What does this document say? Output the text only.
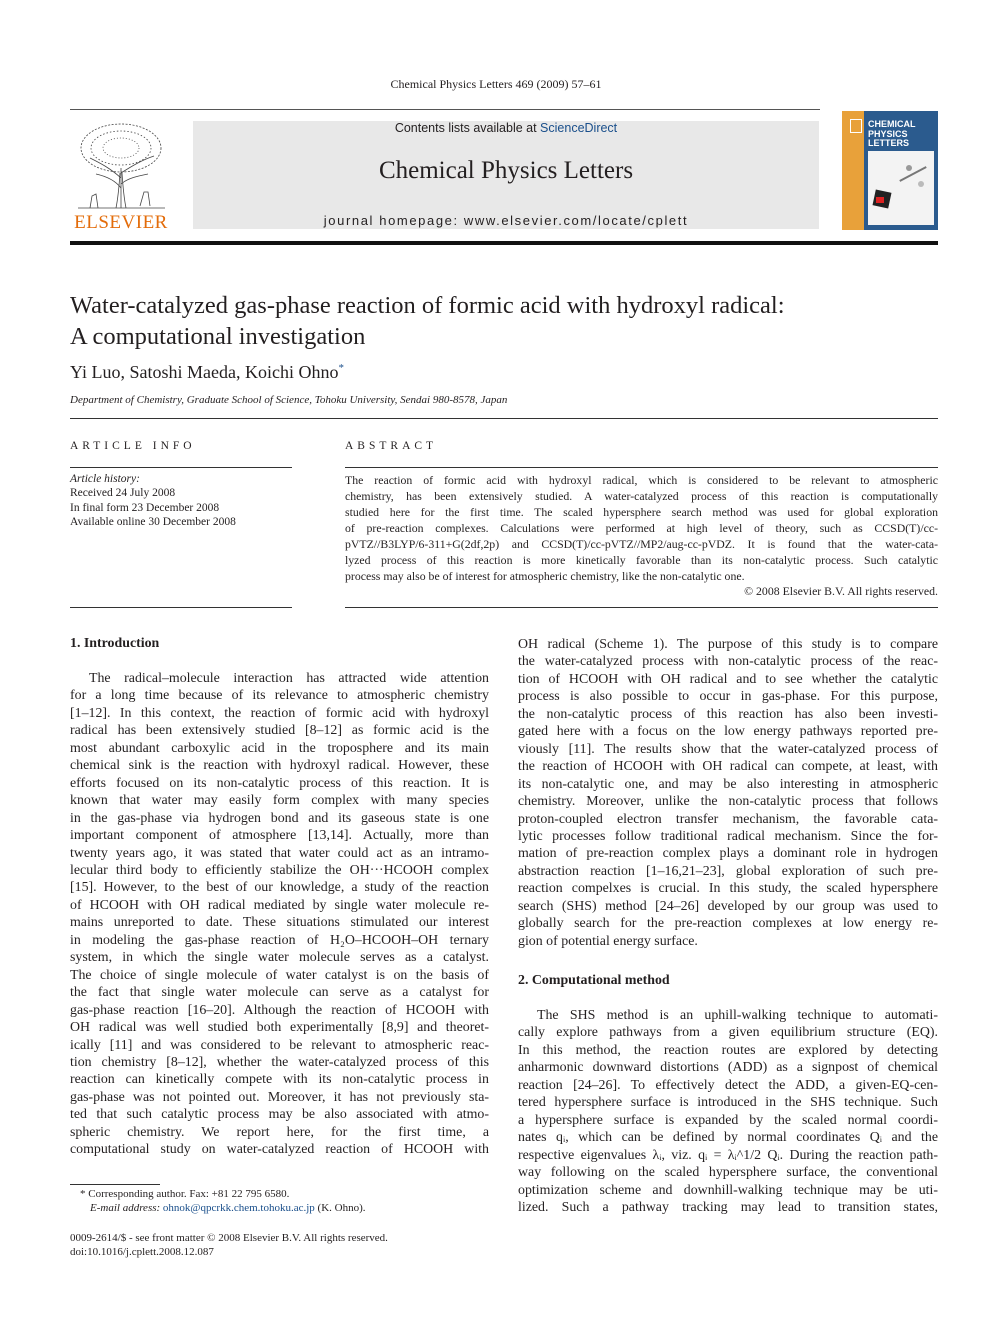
Chemical Physics Letters 469 (2009) 57–61
ELSEVIER
Contents lists available at ScienceDirect
Chemical Physics Letters
journal homepage: www.elsevier.com/locate/cplett
CHEMICAL
PHYSICS
LETTERS
Water-catalyzed gas-phase reaction of formic acid with hydroxyl radical:
A computational investigation
Yi Luo, Satoshi Maeda, Koichi Ohno*
Department of Chemistry, Graduate School of Science, Tohoku University, Sendai 980-8578, Japan
ARTICLE INFO
Article history:
Received 24 July 2008
In final form 23 December 2008
Available online 30 December 2008
ABSTRACT
The reaction of formic acid with hydroxyl radical, which is considered to be relevant to atmospheric
chemistry, has been extensively studied. A water-catalyzed process of this reaction is computationally
studied here for the first time. The scaled hypersphere search method was used for global exploration
of pre-reaction complexes. Calculations were performed at high level of theory, such as CCSD(T)/cc-
pVTZ//B3LYP/6-311+G(2df,2p) and CCSD(T)/cc-pVTZ//MP2/aug-cc-pVDZ. It is found that the water-cata-
lyzed process of this reaction is more kinetically favorable than its non-catalytic process. Such catalytic
process may also be of interest for atmospheric chemistry, like the non-catalytic one.
© 2008 Elsevier B.V. All rights reserved.
1. Introduction
The radical–molecule interaction has attracted wide attention
for a long time because of its relevance to atmospheric chemistry
[1–12]. In this context, the reaction of formic acid with hydroxyl
radical has been extensively studied [8–12] as formic acid is the
most abundant carboxylic acid in the troposphere and its main
chemical sink is the reaction with hydroxyl radical. However, these
efforts focused on its non-catalytic process of this reaction. It is
known that water may easily form complex with many species
in the gas-phase via hydrogen bond and its gaseous state is one
important component of atmosphere [13,14]. Actually, more than
twenty years ago, it was stated that water could act as an intramo-
lecular third body to efficiently stabilize the OH···HCOOH complex
[15]. However, to the best of our knowledge, a study of the reaction
of HCOOH with OH radical mediated by single water molecule re-
mains unreported to date. These situations stimulated our interest
in modeling the gas-phase reaction of H₂O–HCOOH–OH ternary
system, in which the single water molecule serves as a catalyst.
The choice of single molecule of water catalyst is on the basis of
the fact that single water molecule can serve as a catalyst for
gas-phase reaction [16–20]. Although the reaction of HCOOH with
OH radical was well studied both experimentally [8,9] and theoret-
ically [11] and was considered to be relevant to atmospheric reac-
tion chemistry [8–12], whether the water-catalyzed process of this
reaction can kinetically compete with its non-catalytic process in
gas-phase was not pointed out. Moreover, it has not previously sta-
ted that such catalytic process may be also associated with atmo-
spheric chemistry. We report here, for the first time, a
computational study on water-catalyzed reaction of HCOOH with
* Corresponding author. Fax: +81 22 795 6580.
E-mail address: ohnok@qpcrkk.chem.tohoku.ac.jp (K. Ohno).
0009-2614/$ - see front matter © 2008 Elsevier B.V. All rights reserved.
doi:10.1016/j.cplett.2008.12.087
OH radical (Scheme 1). The purpose of this study is to compare
the water-catalyzed process with non-catalytic process of the reac-
tion of HCOOH with OH radical and to see whether the catalytic
process is also possible to occur in gas-phase. For this purpose,
the non-catalytic process of this reaction has also been investi-
gated here with a focus on the low energy pathways reported pre-
viously [11]. The results show that the water-catalyzed process of
the reaction of HCOOH with OH radical can compete, at least, with
its non-catalytic one, and may be also interesting in atmospheric
chemistry. Moreover, unlike the non-catalytic process that follows
proton-coupled electron transfer mechanism, the favorable cata-
lytic processes follow traditional radical mechanism. Since the for-
mation of pre-reaction complex plays a dominant role in hydrogen
abstraction reaction [1–16,21–23], global exploration of such pre-
reaction compelxes is crucial. In this study, the scaled hypersphere
search (SHS) method [24–26] developed by our group was used to
globally search for the pre-reaction complexes at low energy re-
gion of potential energy surface.
2. Computational method
The SHS method is an uphill-walking technique to automati-
cally explore pathways from a given equilibrium structure (EQ).
In this method, the reaction routes are explored by detecting
anharmonic downward distortions (ADD) as a signpost of chemical
reaction [24–26]. To effectively detect the ADD, a given-EQ-cen-
tered hypersphere surface is introduced in the SHS technique. Such
a hypersphere surface is expanded by the scaled normal coordi-
nates qᵢ, which can be defined by normal coordinates Qᵢ and the
respective eigenvalues λᵢ, viz. qᵢ = λᵢ^1/2 Qᵢ. During the reaction path-
way following on the scaled hypersphere surface, the conventional
optimization scheme and downhill-walking technique may be uti-
lized. Such a pathway tracking may lead to transition states,
